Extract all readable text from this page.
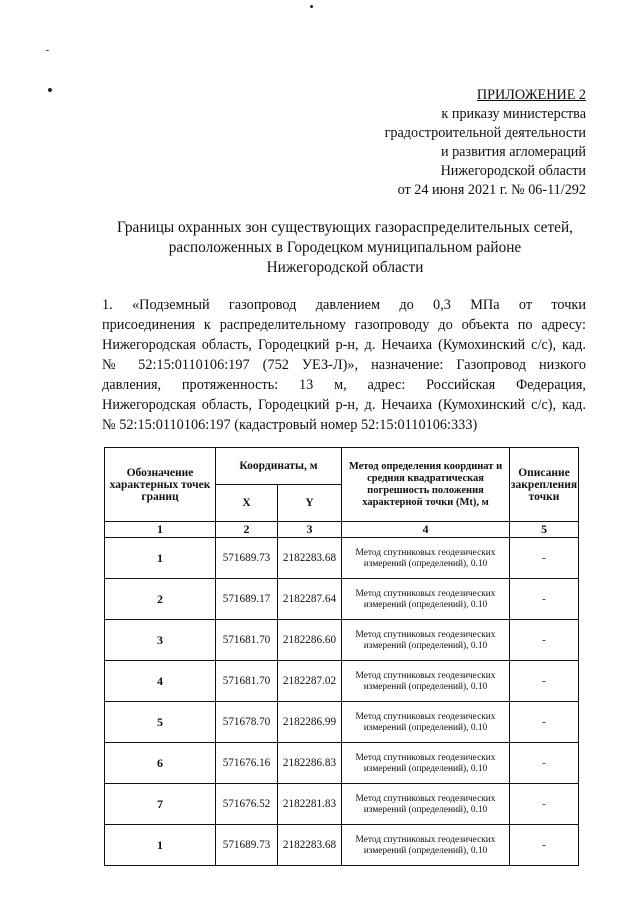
ПРИЛОЖЕНИЕ 2
к приказу министерства
градостроительной деятельности
и развития агломераций
Нижегородской области
от 24 июня 2021 г. № 06-11/292
Границы охранных зон существующих газораспределительных сетей,
расположенных в Городецком муниципальном районе
Нижегородской области
1. «Подземный газопровод давлением до 0,3 МПа от точки
присоединения к распределительному газопроводу до объекта по адресу:
Нижегородская область, Городецкий р-н, д. Нечаиха (Кумохинский с/с), кад.
№ 52:15:0110106:197 (752 УЕЗ-Л)», назначение: Газопровод низкого
давления, протяженность: 13 м, адрес: Российская Федерация,
Нижегородская область, Городецкий р-н, д. Нечаиха (Кумохинский с/с), кад.
№ 52:15:0110106:197 (кадастровый номер 52:15:0110106:333)
Обозначение характерных точек границ	Координаты, м		Метод определения координат и средняя квадратическая погрешность положения характерной точки (Mt), м	Описание закрепления точки
	X	Y		
1	2	3	4	5
1	571689.73	2182283.68	Метод спутниковых геодезических измерений (определений), 0.10	-
2	571689.17	2182287.64	Метод спутниковых геодезических измерений (определений), 0.10	-
3	571681.70	2182286.60	Метод спутниковых геодезических измерений (определений), 0.10	-
4	571681.70	2182287.02	Метод спутниковых геодезических измерений (определений), 0.10	-
5	571678.70	2182286.99	Метод спутниковых геодезических измерений (определений), 0.10	-
6	571676.16	2182286.83	Метод спутниковых геодезических измерений (определений), 0.10	-
7	571676.52	2182281.83	Метод спутниковых геодезических измерений (определений), 0.10	-
1	571689.73	2182283.68	Метод спутниковых геодезических измерений (определений), 0.10	-
